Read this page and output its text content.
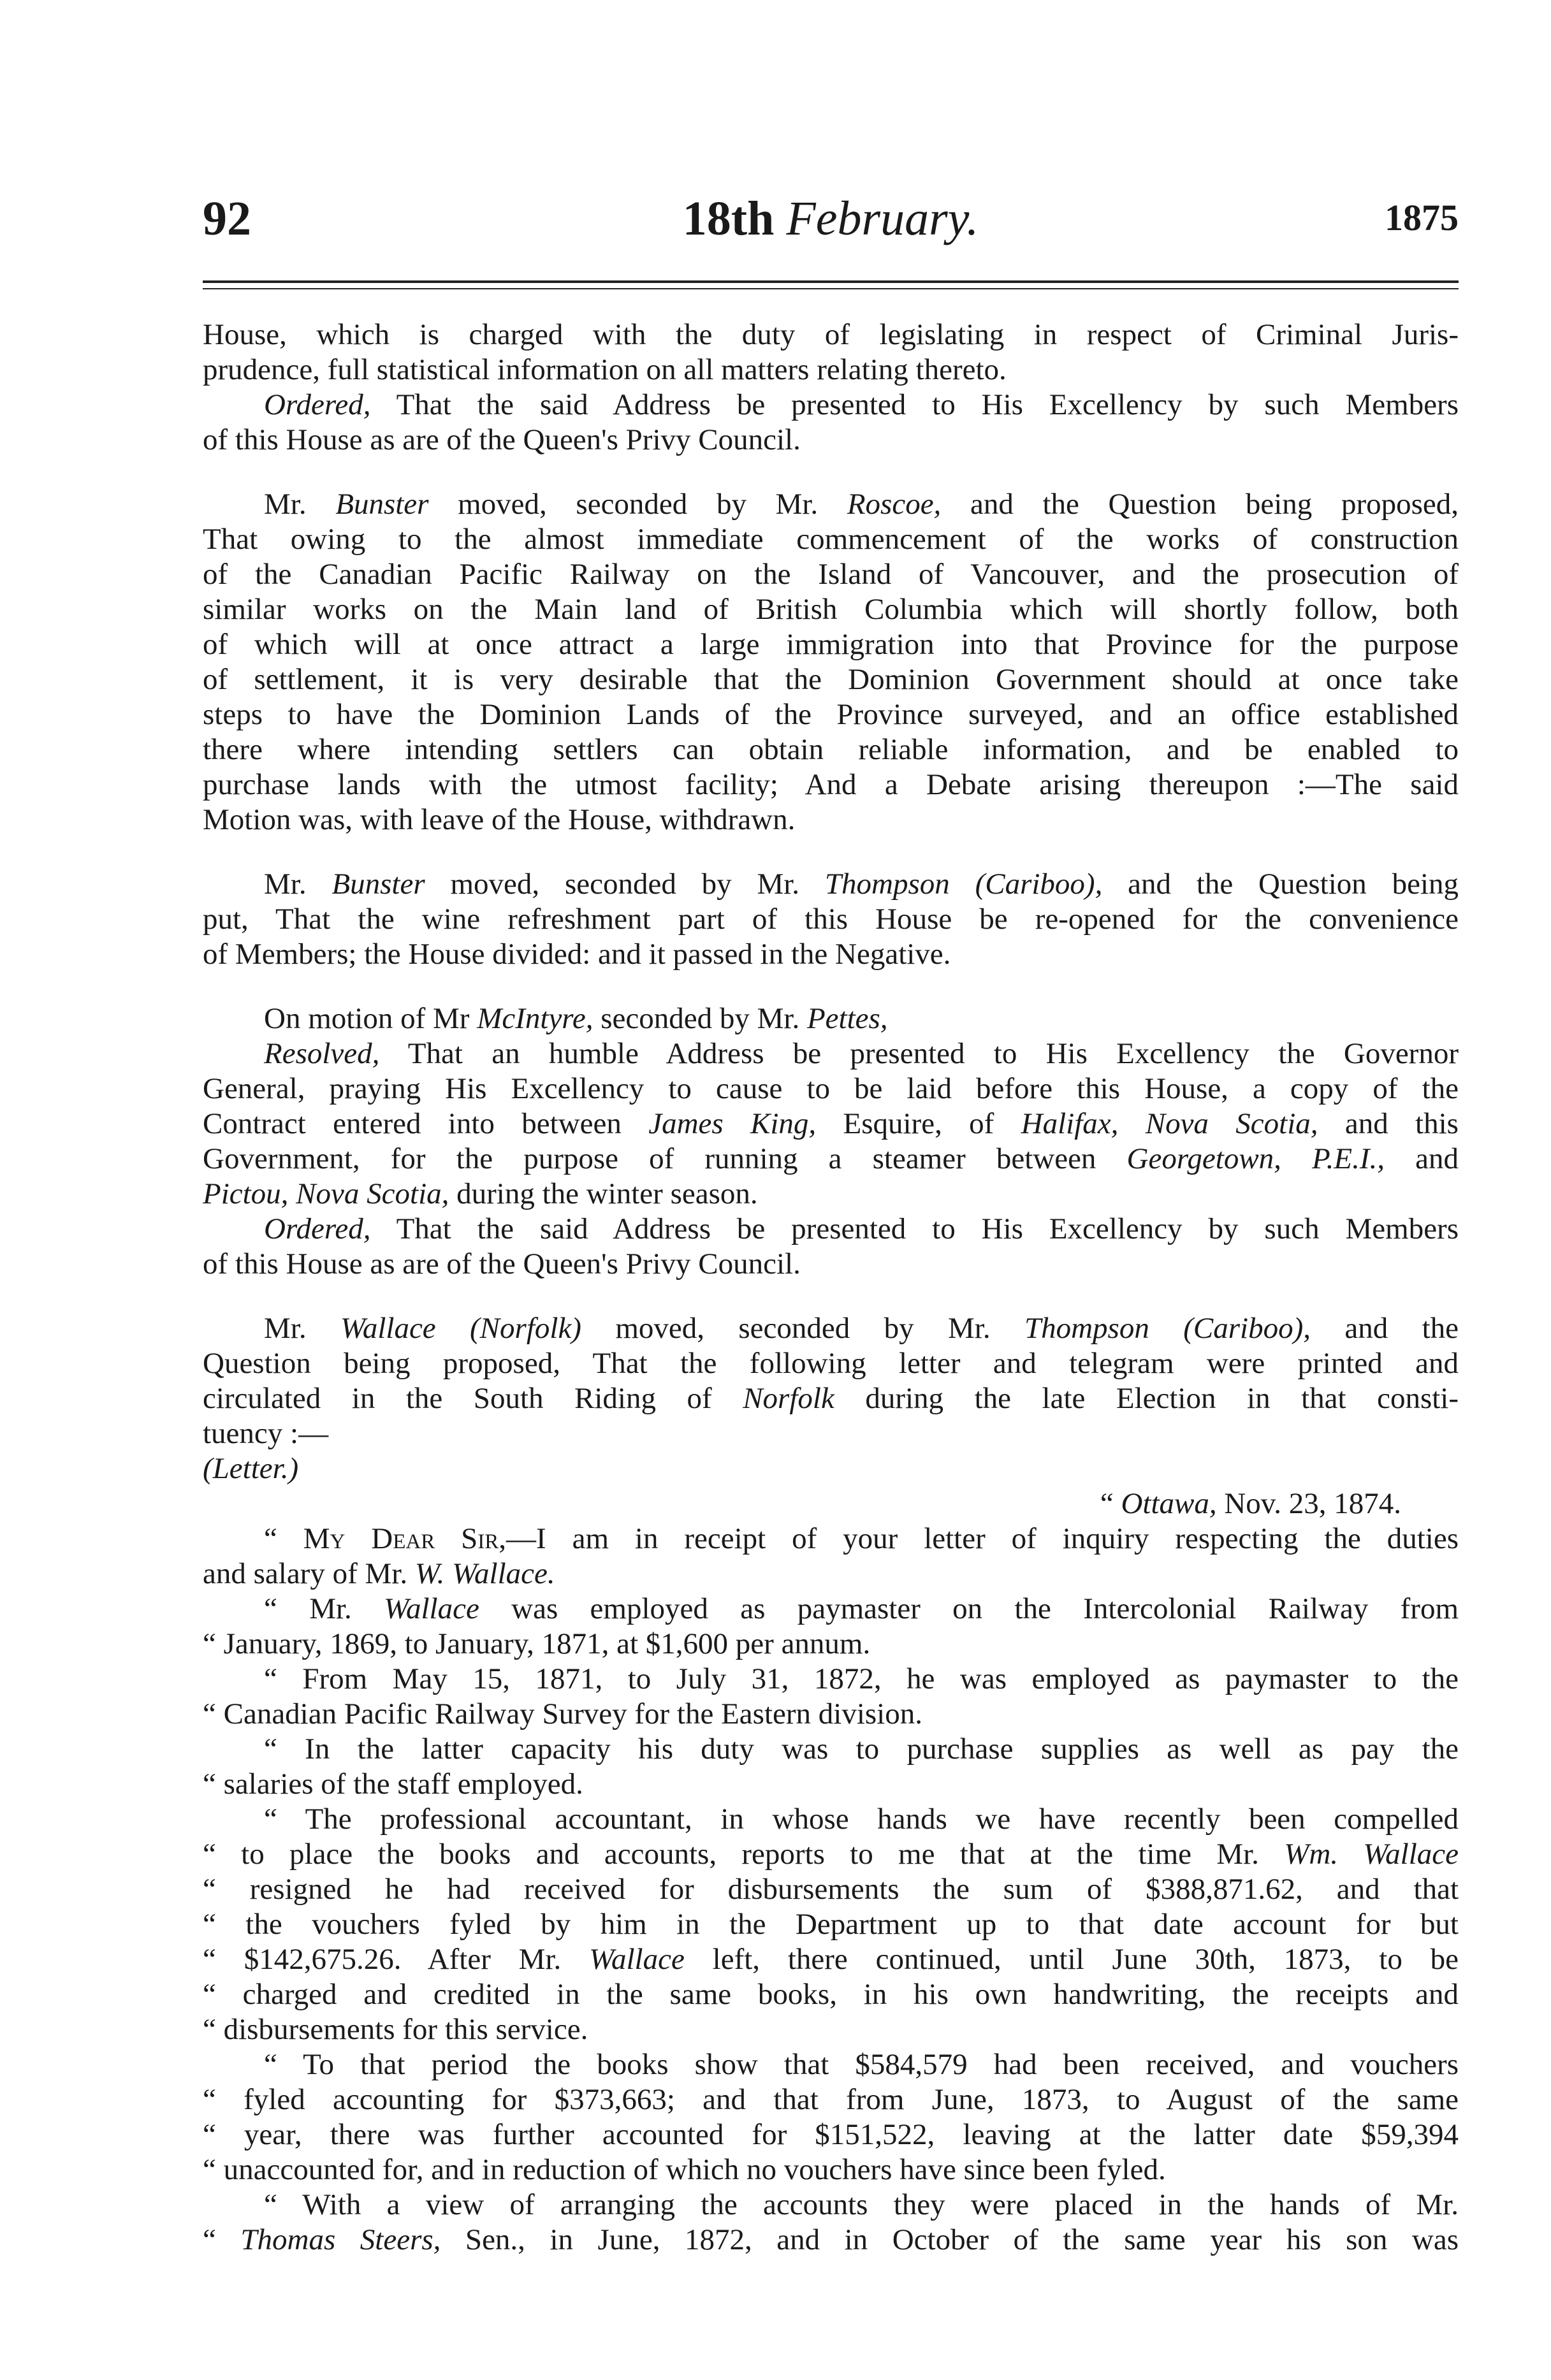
92	18th February.	1875
House, which is charged with the duty of legislating in respect of Criminal Juris-
prudence, full statistical information on all matters relating thereto.
Ordered, That the said Address be presented to His Excellency by such Members
of this House as are of the Queen's Privy Council.
Mr. Bunster moved, seconded by Mr. Roscoe, and the Question being proposed,
That owing to the almost immediate commencement of the works of construction
of the Canadian Pacific Railway on the Island of Vancouver, and the prosecution of
similar works on the Main land of British Columbia which will shortly follow, both
of which will at once attract a large immigration into that Province for the purpose
of settlement, it is very desirable that the Dominion Government should at once take
steps to have the Dominion Lands of the Province surveyed, and an office established
there where intending settlers can obtain reliable information, and be enabled to
purchase lands with the utmost facility; And a Debate arising thereupon :—The said
Motion was, with leave of the House, withdrawn.
Mr. Bunster moved, seconded by Mr. Thompson (Cariboo), and the Question being
put, That the wine refreshment part of this House be re-opened for the convenience
of Members; the House divided: and it passed in the Negative.
On motion of Mr McIntyre, seconded by Mr. Pettes,
Resolved, That an humble Address be presented to His Excellency the Governor
General, praying His Excellency to cause to be laid before this House, a copy of the
Contract entered into between James King, Esquire, of Halifax, Nova Scotia, and this
Government, for the purpose of running a steamer between Georgetown, P.E.I., and
Pictou, Nova Scotia, during the winter season.
Ordered, That the said Address be presented to His Excellency by such Members
of this House as are of the Queen's Privy Council.
Mr. Wallace (Norfolk) moved, seconded by Mr. Thompson (Cariboo), and the
Question being proposed, That the following letter and telegram were printed and
circulated in the South Riding of Norfolk during the late Election in that consti-
tuency :—
(Letter.)
“ Ottawa, Nov. 23, 1874.
“ My Dear Sir,—I am in receipt of your letter of inquiry respecting the duties
and salary of Mr. W. Wallace.
“ Mr. Wallace was employed as paymaster on the Intercolonial Railway from
“ January, 1869, to January, 1871, at $1,600 per annum.
“ From May 15, 1871, to July 31, 1872, he was employed as paymaster to the
“ Canadian Pacific Railway Survey for the Eastern division.
“ In the latter capacity his duty was to purchase supplies as well as pay the
“ salaries of the staff employed.
“ The professional accountant, in whose hands we have recently been compelled
“ to place the books and accounts, reports to me that at the time Mr. Wm. Wallace
“ resigned he had received for disbursements the sum of $388,871.62, and that
“ the vouchers fyled by him in the Department up to that date account for but
“ $142,675.26. After Mr. Wallace left, there continued, until June 30th, 1873, to be
“ charged and credited in the same books, in his own handwriting, the receipts and
“ disbursements for this service.
“ To that period the books show that $584,579 had been received, and vouchers
“ fyled accounting for $373,663; and that from June, 1873, to August of the same
“ year, there was further accounted for $151,522, leaving at the latter date $59,394
“ unaccounted for, and in reduction of which no vouchers have since been fyled.
“ With a view of arranging the accounts they were placed in the hands of Mr.
“ Thomas Steers, Sen., in June, 1872, and in October of the same year his son was
